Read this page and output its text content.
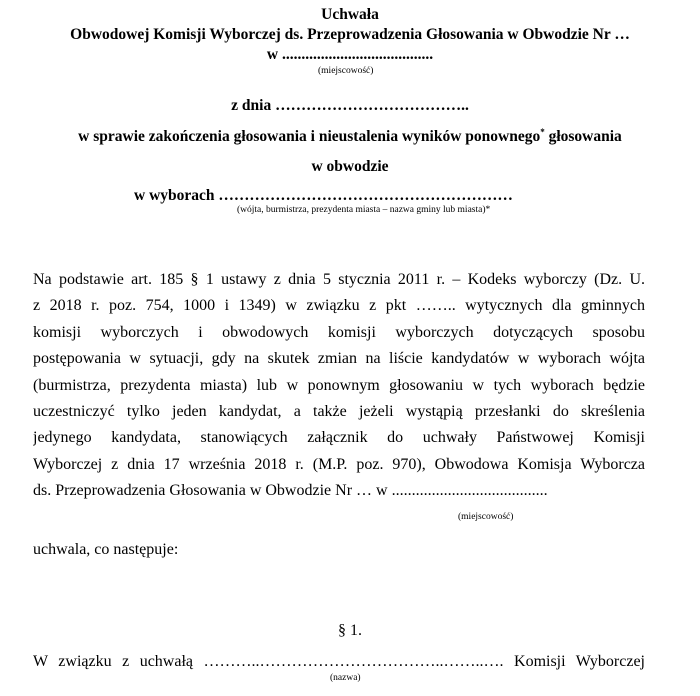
Uchwała
Obwodowej Komisji Wyborczej ds. Przeprowadzenia Głosowania w Obwodzie Nr …
w .......................................
(miejscowość)
z dnia ………………………………..
w sprawie zakończenia głosowania i nieustalenia wyników ponownego* głosowania
w obwodzie
w wyborach …………………………………………………
(wójta, burmistrza, prezydenta miasta – nazwa gminy lub miasta)*
Na podstawie art. 185 § 1 ustawy z dnia 5 stycznia 2011 r. – Kodeks wyborczy (Dz. U.
z 2018 r. poz. 754, 1000 i 1349) w związku z pkt …….. wytycznych dla gminnych
komisji wyborczych i obwodowych komisji wyborczych dotyczących sposobu
postępowania w sytuacji, gdy na skutek zmian na liście kandydatów w wyborach wójta
(burmistrza, prezydenta miasta) lub w ponownym głosowaniu w tych wyborach będzie
uczestniczyć tylko jeden kandydat, a także jeżeli wystąpią przesłanki do skreślenia
jedynego kandydata, stanowiących załącznik do uchwały Państwowej Komisji
Wyborczej z dnia 17 września 2018 r. (M.P. poz. 970), Obwodowa Komisja Wyborcza
ds. Przeprowadzenia Głosowania w Obwodzie Nr … w .......................................
(miejscowość)
uchwala, co następuje:
§ 1.
W związku z uchwałą ………..……………………………..……..…. Komisji Wyborczej
(nazwa)
